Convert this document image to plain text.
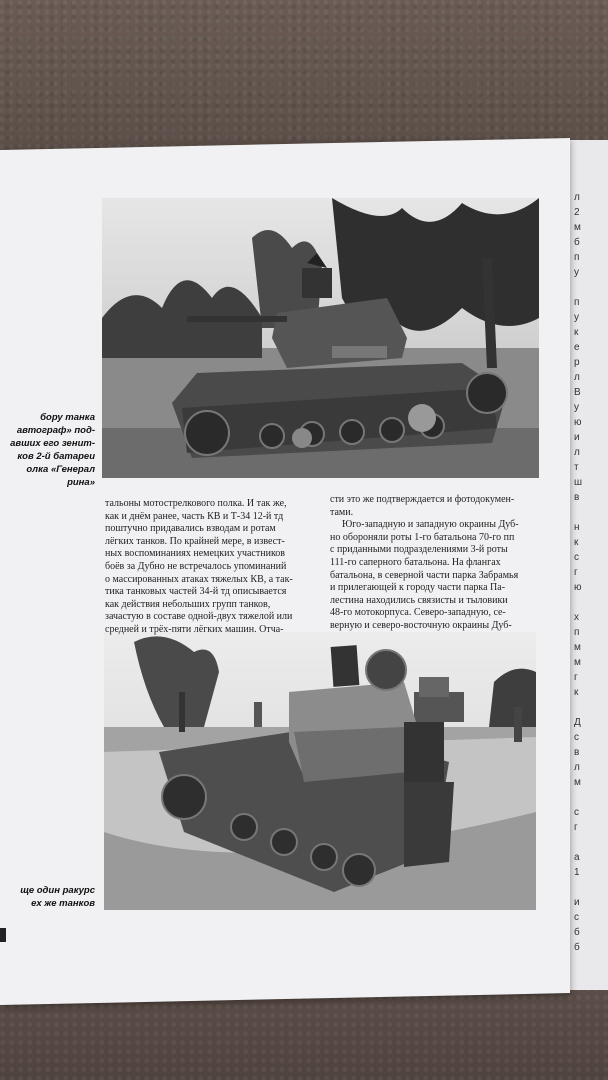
л
2
м
б
п
у

п
у
к
е
р
л
В
у
ю
и
л
т
ш
в

н
к
с
г
ю

х
п
м
м
г
к

Д
с
в
л
м

с
г

а
1

и
с
б
б
бору танка
автограф» под-
авших его зенит-
ков 2-й батареи
олка «Генерал
рина»
ще один ракурс
ех же танков

тальоны мотострелкового полка. И так же,

как и днём ранее, часть КВ и Т-34 12-й тд

поштучно придавались взводам и ротам

лёгких танков. По крайней мере, в извест-

ных воспоминаниях немецких участников

боёв за Дубно не встречалось упоминаний

о массированных атаках тяжелых КВ, а так-

тика танковых частей 34-й тд описывается

как действия небольших групп танков,

зачастую в составе одной-двух тяжелой или

средней и трёх-пяти лёгких машин. Отча-

сти это же подтверждается и фотодокумен-

тами.

Юго-западную и западную окраины Дуб-

но обороняли роты 1-го батальона 70-го пп

с приданными подразделениями 3-й роты

111-го саперного батальона. На флангах

батальона, в северной части парка Забрамья

и прилегающей к городу части парка Па-

лестина находились связисты и тыловики

48-го мотокорпуса. Северо-западную, се-

верную и северо-восточную окраины Дуб-
